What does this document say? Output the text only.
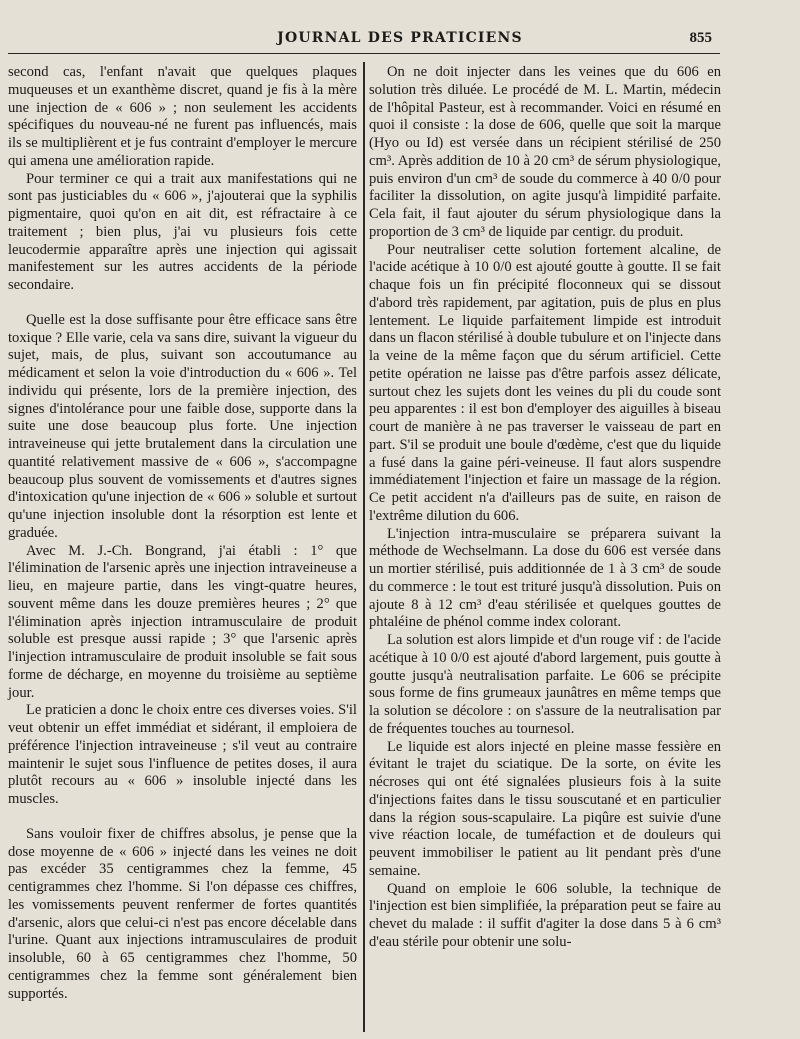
JOURNAL DES PRATICIENS	855

second cas, l'enfant n'avait que quelques plaques muqueuses et un exanthème discret, quand je fis à la mère une injection de « 606 » ; non seulement les accidents spécifiques du nouveau-né ne furent pas influencés, mais ils se multiplièrent et je fus contraint d'employer le mercure qui amena une amélioration rapide.

Pour terminer ce qui a trait aux manifestations qui ne sont pas justiciables du « 606 », j'ajouterai que la syphilis pigmentaire, quoi qu'on en ait dit, est réfractaire à ce traitement ; bien plus, j'ai vu plusieurs fois cette leucodermie apparaître après une injection qui agissait manifestement sur les autres accidents de la période secondaire.

Quelle est la dose suffisante pour être efficace sans être toxique ? Elle varie, cela va sans dire, suivant la vigueur du sujet, mais, de plus, suivant son accoutumance au médicament et selon la voie d'introduction du « 606 ». Tel individu qui présente, lors de la première injection, des signes d'intolérance pour une faible dose, supporte dans la suite une dose beaucoup plus forte. Une injection intraveineuse qui jette brutalement dans la circulation une quantité relativement massive de « 606 », s'accompagne beaucoup plus souvent de vomissements et d'autres signes d'intoxication qu'une injection de « 606 » soluble et surtout qu'une injection insoluble dont la résorption est lente et graduée.

Avec M. J.-Ch. Bongrand, j'ai établi : 1° que l'élimination de l'arsenic après une injection intraveineuse a lieu, en majeure partie, dans les vingt-quatre heures, souvent même dans les douze premières heures ; 2° que l'élimination après injection intramusculaire de produit soluble est presque aussi rapide ; 3° que l'arsenic après l'injection intramusculaire de produit insoluble se fait sous forme de décharge, en moyenne du troisième au septième jour.

Le praticien a donc le choix entre ces diverses voies. S'il veut obtenir un effet immédiat et sidérant, il emploiera de préférence l'injection intraveineuse ; s'il veut au contraire maintenir le sujet sous l'influence de petites doses, il aura plutôt recours au « 606 » insoluble injecté dans les muscles.

Sans vouloir fixer de chiffres absolus, je pense que la dose moyenne de « 606 » injecté dans les veines ne doit pas excéder 35 centigrammes chez la femme, 45 centigrammes chez l'homme. Si l'on dépasse ces chiffres, les vomissements peuvent renfermer de fortes quantités d'arsenic, alors que celui-ci n'est pas encore décelable dans l'urine. Quant aux injections intramusculaires de produit insoluble, 60 à 65 centigrammes chez l'homme, 50 centigrammes chez la femme sont généralement bien supportés.

On ne doit injecter dans les veines que du 606 en solution très diluée. Le procédé de M. L. Martin, médecin de l'hôpital Pasteur, est à recommander. Voici en résumé en quoi il consiste : la dose de 606, quelle que soit la marque (Hyo ou Id) est versée dans un récipient stérilisé de 250 cm³. Après addition de 10 à 20 cm³ de sérum physiologique, puis environ d'un cm³ de soude du commerce à 40 0/0 pour faciliter la dissolution, on agite jusqu'à limpidité parfaite. Cela fait, il faut ajouter du sérum physiologique dans la proportion de 3 cm³ de liquide par centigr. du produit.

Pour neutraliser cette solution fortement alcaline, de l'acide acétique à 10 0/0 est ajouté goutte à goutte. Il se fait chaque fois un fin précipité floconneux qui se dissout d'abord très rapidement, par agitation, puis de plus en plus lentement. Le liquide parfaitement limpide est introduit dans un flacon stérilisé à double tubulure et on l'injecte dans la veine de la même façon que du sérum artificiel. Cette petite opération ne laisse pas d'être parfois assez délicate, surtout chez les sujets dont les veines du pli du coude sont peu apparentes : il est bon d'employer des aiguilles à biseau court de manière à ne pas traverser le vaisseau de part en part. S'il se produit une boule d'œdème, c'est que du liquide a fusé dans la gaine péri-veineuse. Il faut alors suspendre immédiatement l'injection et faire un massage de la région. Ce petit accident n'a d'ailleurs pas de suite, en raison de l'extrême dilution du 606.

L'injection intra-musculaire se préparera suivant la méthode de Wechselmann. La dose du 606 est versée dans un mortier stérilisé, puis additionnée de 1 à 3 cm³ de soude du commerce : le tout est trituré jusqu'à dissolution. Puis on ajoute 8 à 12 cm³ d'eau stérilisée et quelques gouttes de phtaléine de phénol comme index colorant.

La solution est alors limpide et d'un rouge vif : de l'acide acétique à 10 0/0 est ajouté d'abord largement, puis goutte à goutte jusqu'à neutralisation parfaite. Le 606 se précipite sous forme de fins grumeaux jaunâtres en même temps que la solution se décolore : on s'assure de la neutralisation par de fréquentes touches au tournesol.

Le liquide est alors injecté en pleine masse fessière en évitant le trajet du sciatique. De la sorte, on évite les nécroses qui ont été signalées plusieurs fois à la suite d'injections faites dans le tissu souscutané et en particulier dans la région sous-scapulaire. La piqûre est suivie d'une vive réaction locale, de tuméfaction et de douleurs qui peuvent immobiliser le patient au lit pendant près d'une semaine.

Quand on emploie le 606 soluble, la technique de l'injection est bien simplifiée, la préparation peut se faire au chevet du malade : il suffit d'agiter la dose dans 5 à 6 cm³ d'eau stérile pour obtenir une solu-
